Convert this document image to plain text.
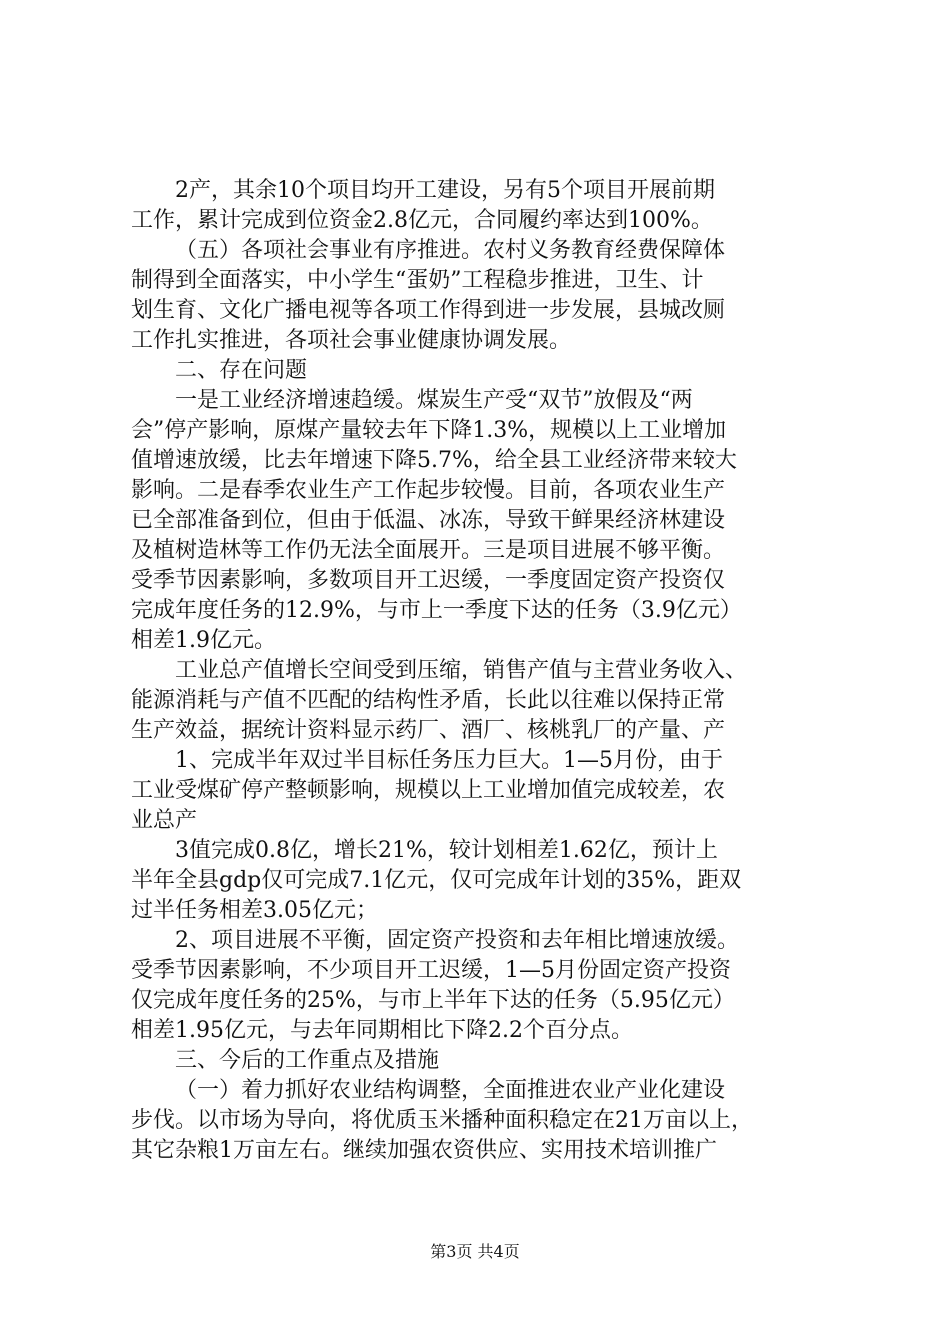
2产，其余10个项目均开工建设，另有5个项目开展前期
工作，累计完成到位资金2.8亿元，合同履约率达到100%。
（五）各项社会事业有序推进。农村义务教育经费保障体
制得到全面落实，中小学生“蛋奶”工程稳步推进，卫生、计
划生育、文化广播电视等各项工作得到进一步发展，县城改厕
工作扎实推进，各项社会事业健康协调发展。
二、存在问题
一是工业经济增速趋缓。煤炭生产受“双节”放假及“两
会”停产影响，原煤产量较去年下降1.3%，规模以上工业增加
值增速放缓，比去年增速下降5.7%，给全县工业经济带来较大
影响。二是春季农业生产工作起步较慢。目前，各项农业生产
已全部准备到位，但由于低温、冰冻，导致干鲜果经济林建设
及植树造林等工作仍无法全面展开。三是项目进展不够平衡。
受季节因素影响，多数项目开工迟缓，一季度固定资产投资仅
完成年度任务的12.9%，与市上一季度下达的任务（3.9亿元）
相差1.9亿元。
工业总产值增长空间受到压缩，销售产值与主营业务收入、
能源消耗与产值不匹配的结构性矛盾，长此以往难以保持正常
生产效益，据统计资料显示药厂、酒厂、核桃乳厂的产量、产
1、完成半年双过半目标任务压力巨大。1—5月份，由于
工业受煤矿停产整顿影响，规模以上工业增加值完成较差，农
业总产
3值完成0.8亿，增长21%，较计划相差1.62亿，预计上
半年全县gdp仅可完成7.1亿元，仅可完成年计划的35%，距双
过半任务相差3.05亿元；
2、项目进展不平衡，固定资产投资和去年相比增速放缓。
受季节因素影响，不少项目开工迟缓，1—5月份固定资产投资
仅完成年度任务的25%，与市上半年下达的任务（5.95亿元）
相差1.95亿元，与去年同期相比下降2.2个百分点。
三、今后的工作重点及措施
（一）着力抓好农业结构调整，全面推进农业产业化建设
步伐。以市场为导向，将优质玉米播种面积稳定在21万亩以上，
其它杂粮1万亩左右。继续加强农资供应、实用技术培训推广
第3页 共4页
